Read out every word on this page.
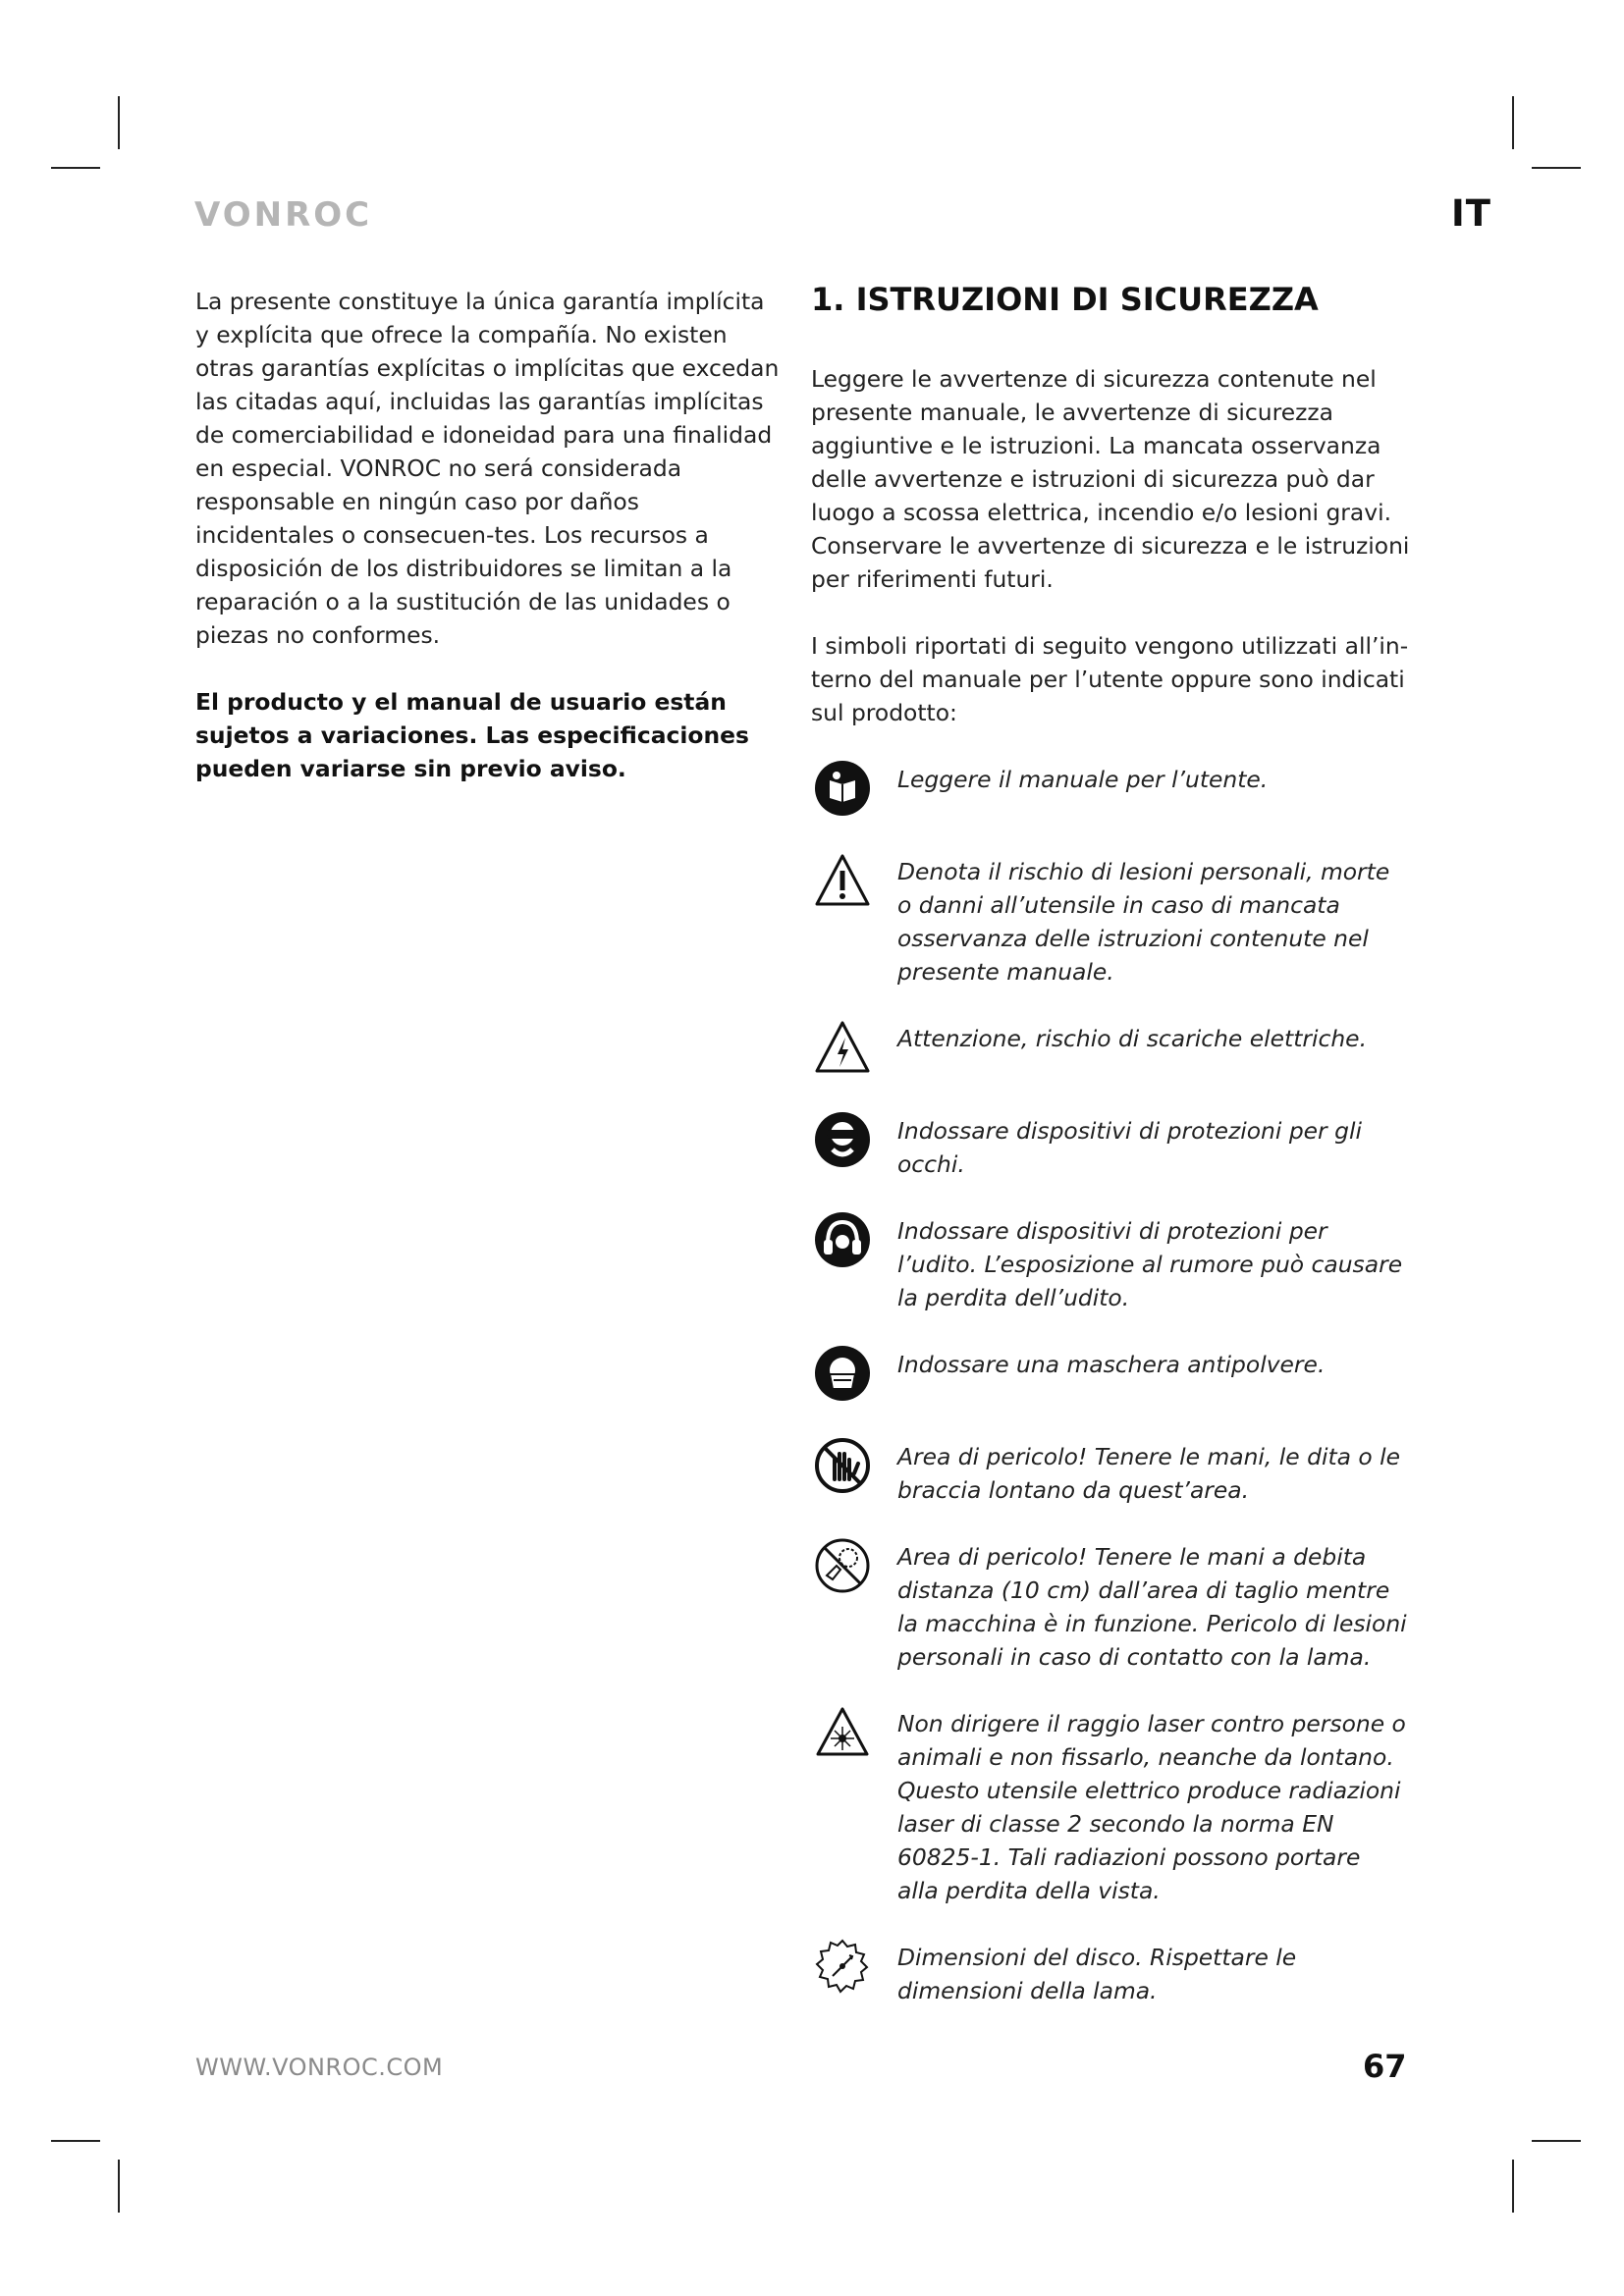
VONROC	IT

La presente constituye la única garantía implícita y explícita que ofrece la compañía. No existen otras garantías explícitas o implícitas que excedan las citadas aquí, incluidas las garantías implícitas de comerciabilidad e idoneidad para una finalidad en especial. VONROC no será considerada responsable en ningún caso por daños incidentales o consecuen-tes. Los recursos a disposición de los distribuidores se limitan a la reparación o a la sustitución de las unidades o piezas no conformes.

El producto y el manual de usuario están sujetos a variaciones. Las especificaciones pueden variarse sin previo aviso.

1. ISTRUZIONI DI SICUREZZA

Leggere le avvertenze di sicurezza contenute nel presente manuale, le avvertenze di sicurezza aggiuntive e le istruzioni. La mancata osservanza delle avvertenze e istruzioni di sicurezza può dar luogo a scossa elettrica, incendio e/o lesioni gravi. Conservare le avvertenze di sicurezza e le istruzioni per riferimenti futuri.

I simboli riportati di seguito vengono utilizzati all’in-terno del manuale per l’utente oppure sono indicati sul prodotto:

Leggere il manuale per l’utente.
Denota il rischio di lesioni personali, morte o danni all’utensile in caso di mancata osservanza delle istruzioni contenute nel presente manuale.
Attenzione, rischio di scariche elettriche.
Indossare dispositivi di protezioni per gli occhi.
Indossare dispositivi di protezioni per l’udito. L’esposizione al rumore può causare la perdita dell’udito.
Indossare una maschera antipolvere.
Area di pericolo! Tenere le mani, le dita o le braccia lontano da quest’area.
Area di pericolo! Tenere le mani a debita distanza (10 cm) dall’area di taglio mentre la macchina è in funzione. Pericolo di lesioni personali in caso di contatto con la lama.
Non dirigere il raggio laser contro persone o animali e non fissarlo, neanche da lontano. Questo utensile elettrico produce radiazioni laser di classe 2 secondo la norma EN 60825-1. Tali radiazioni possono portare alla perdita della vista.
Dimensioni del disco. Rispettare le dimensioni della lama.
WWW.VONROC.COM	67
